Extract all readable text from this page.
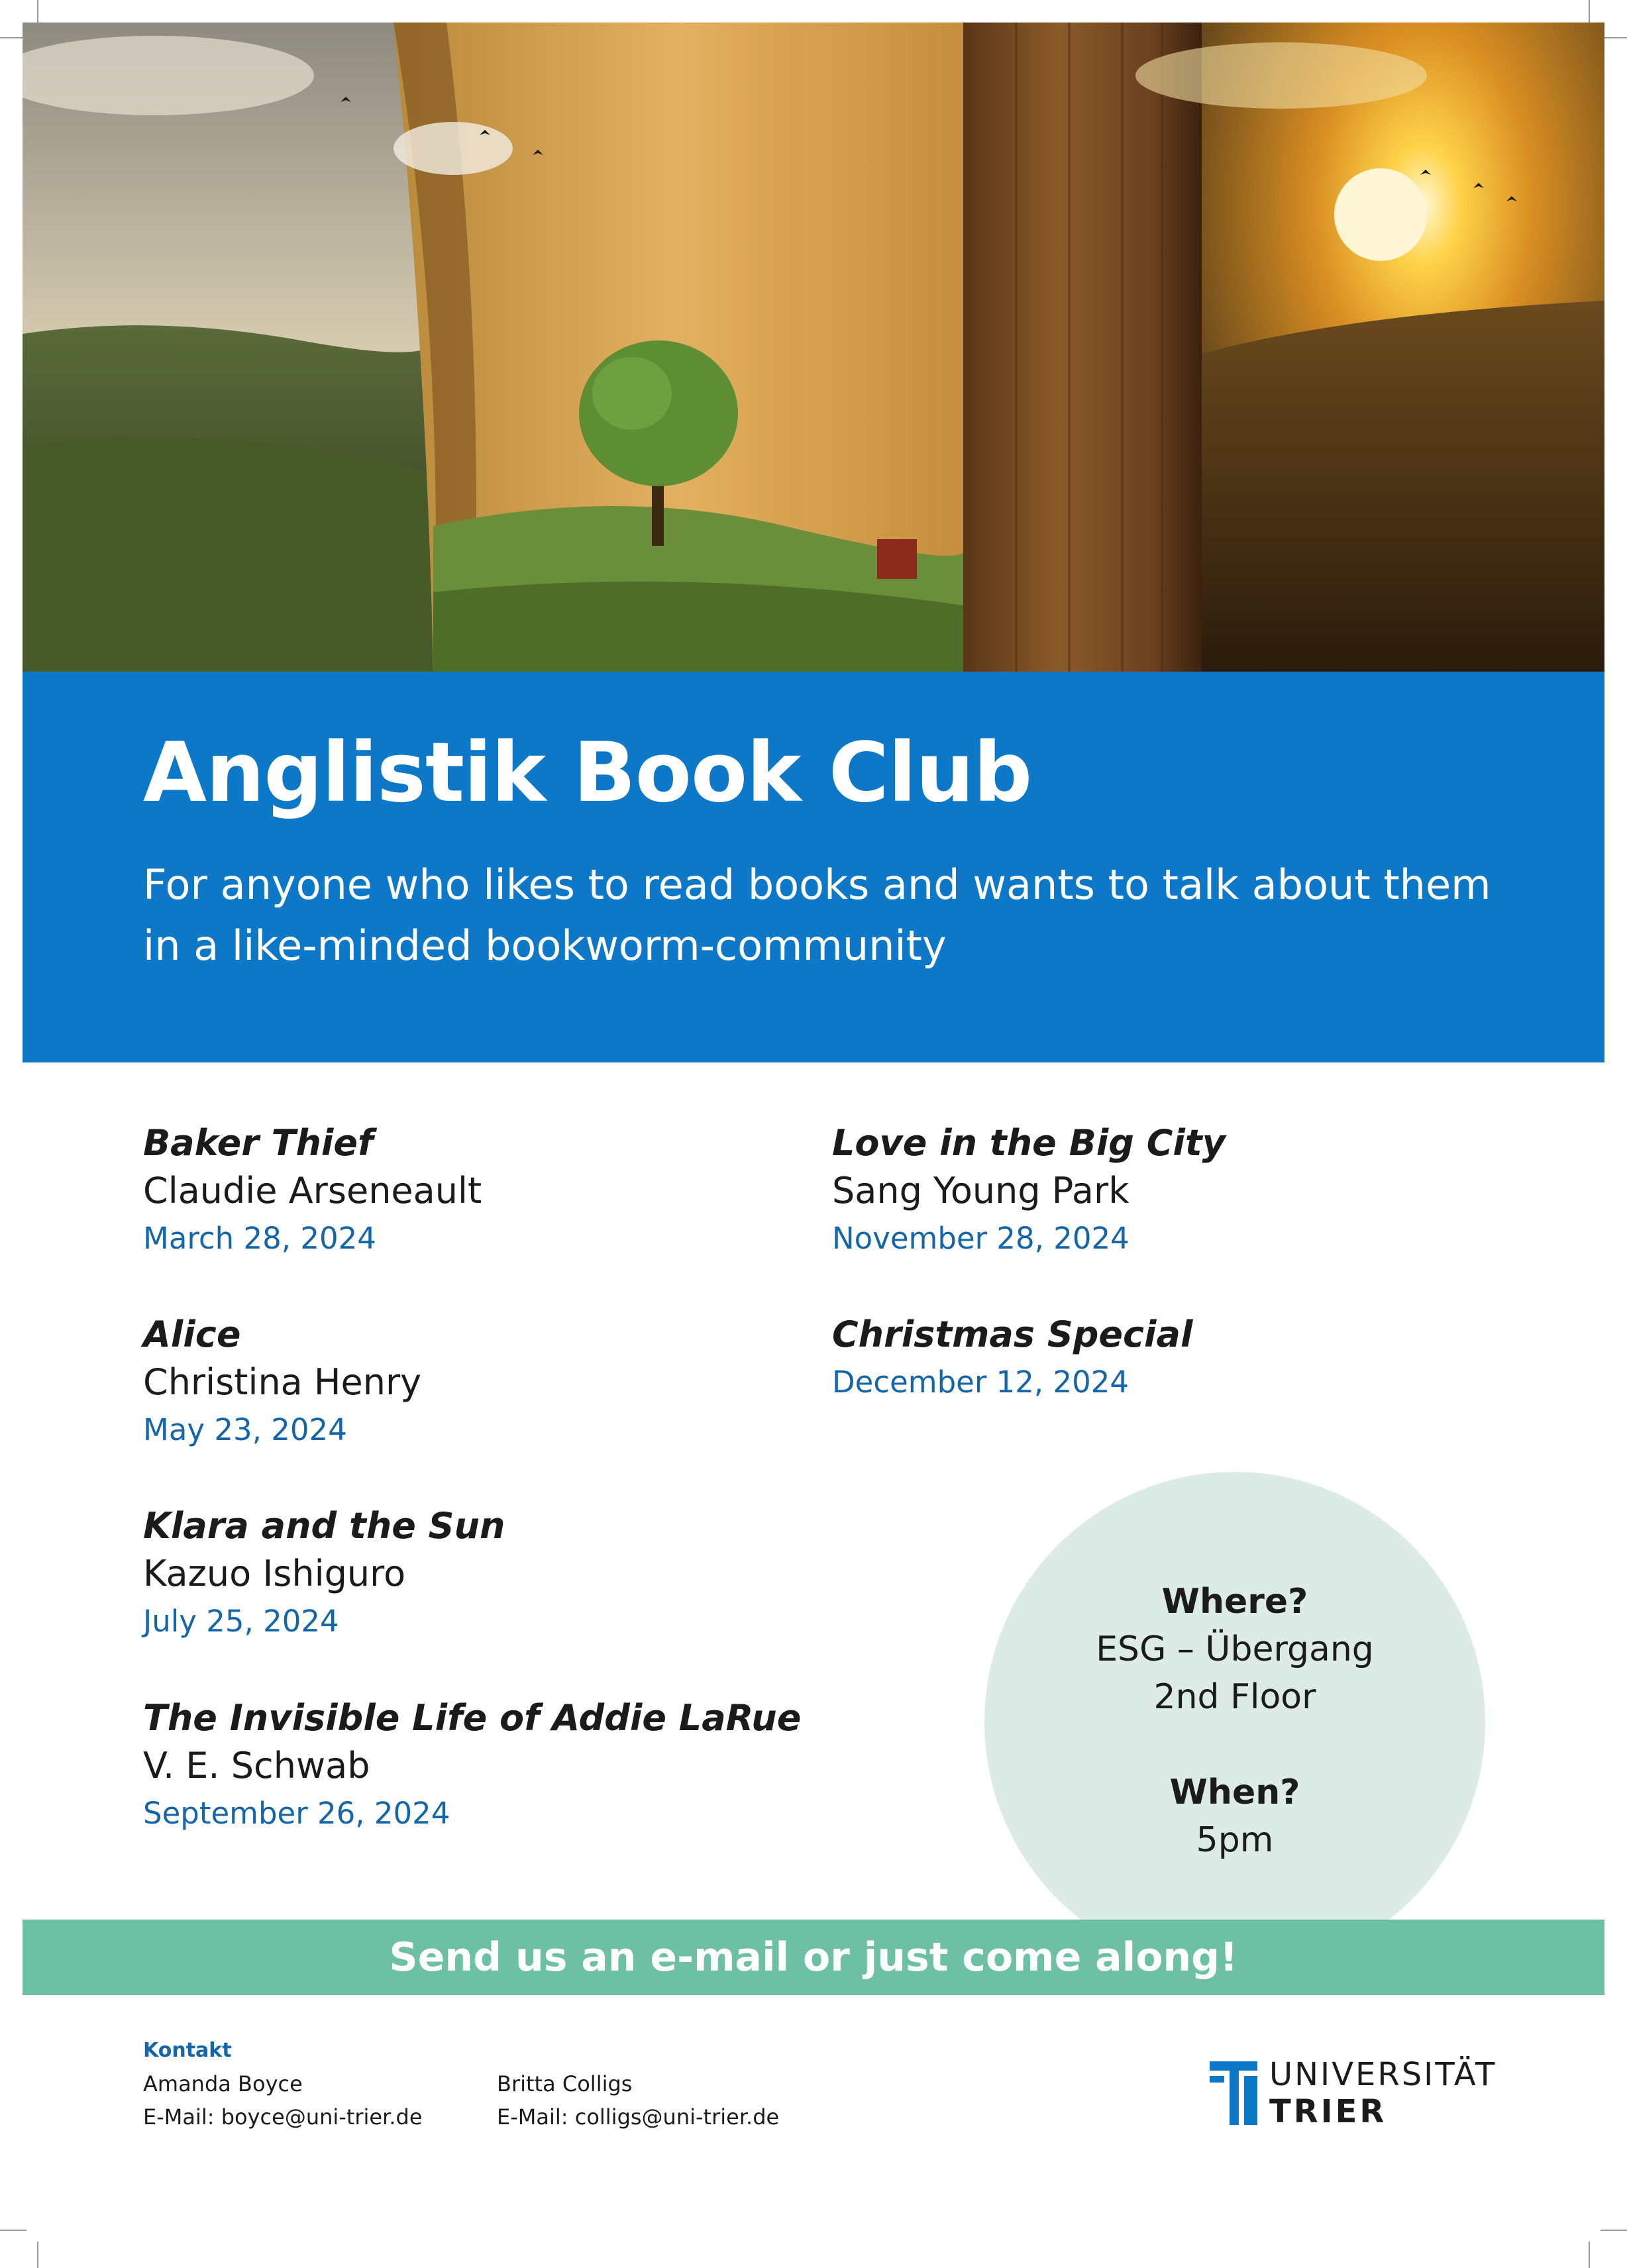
Anglistik Book Club

For anyone who likes to read books and wants to talk about them in a like-minded bookworm-community

Baker Thief
Claudie Arseneault
March 28, 2024
Alice
Christina Henry
May 23, 2024
Klara and the Sun
Kazuo Ishiguro
July 25, 2024
The Invisible Life of Addie LaRue
V. E. Schwab
September 26, 2024
Love in the Big City
Sang Young Park
November 28, 2024
Christmas Special
December 12, 2024
Where?
ESG – Übergang
2nd Floor
When?
5pm
Send us an e-mail or just come along!
Kontakt
Amanda Boyce
E-Mail: boyce@uni-trier.de
Britta Colligs
E-Mail: colligs@uni-trier.de
UNIVERSITÄT
TRIER
